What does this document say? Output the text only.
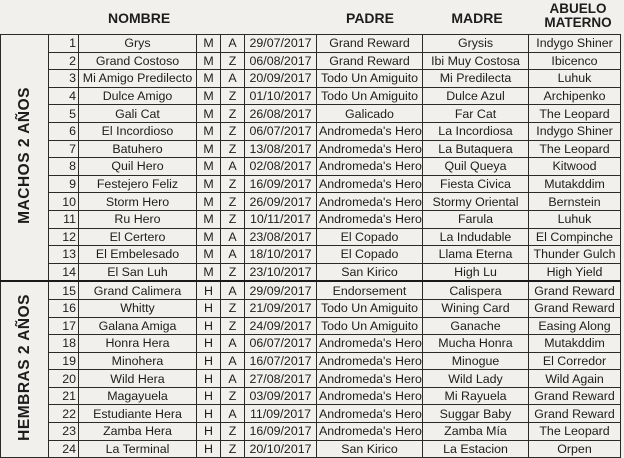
NOMBRE	PADRE	MADRE
ABUELO
MATERNO
MACHOS 2 AÑOS	1	Grys	M	A	29/07/2017	Grand Reward	Grysis	Indygo Shiner
	2	Grand Costoso	M	Z	06/08/2017	Grand Reward	Ibi Muy Costosa	Ibicenco
	3	Mi Amigo Predilecto	M	A	20/09/2017	Todo Un Amiguito	Mi Predilecta	Luhuk
	4	Dulce Amigo	M	Z	01/10/2017	Todo Un Amiguito	Dulce Azul	Archipenko
	5	Gali Cat	M	Z	26/08/2017	Galicado	Far Cat	The Leopard
	6	El Incordioso	M	Z	06/07/2017	Andromeda's Hero	La Incordiosa	Indygo Shiner
	7	Batuhero	M	Z	13/08/2017	Andromeda's Hero	La Butaquera	The Leopard
	8	Quil Hero	M	A	02/08/2017	Andromeda's Hero	Quil Queya	Kitwood
	9	Festejero Feliz	M	Z	16/09/2017	Andromeda's Hero	Fiesta Civica	Mutakddim
	10	Storm Hero	M	Z	26/09/2017	Andromeda's Hero	Stormy Oriental	Bernstein
	11	Ru Hero	M	Z	10/11/2017	Andromeda's Hero	Farula	Luhuk
	12	El Certero	M	A	23/08/2017	El Copado	La Indudable	El Compinche
	13	El Embelesado	M	A	18/10/2017	El Copado	Llama Eterna	Thunder Gulch
	14	El San Luh	M	Z	23/10/2017	San Kirico	High Lu	High Yield
HEMBRAS 2 AÑOS	15	Grand Calimera	H	A	29/09/2017	Endorsement	Calispera	Grand Reward
	16	Whitty	H	Z	21/09/2017	Todo Un Amiguito	Wining Card	Grand Reward
	17	Galana Amiga	H	Z	24/09/2017	Todo Un Amiguito	Ganache	Easing Along
	18	Honra Hera	H	A	06/07/2017	Andromeda's Hero	Mucha Honra	Mutakddim
	19	Minohera	H	A	16/07/2017	Andromeda's Hero	Minogue	El Corredor
	20	Wild Hera	H	A	27/08/2017	Andromeda's Hero	Wild Lady	Wild Again
	21	Magayuela	H	Z	03/09/2017	Andromeda's Hero	Mi Rayuela	Grand Reward
	22	Estudiante Hera	H	A	11/09/2017	Andromeda's Hero	Suggar Baby	Grand Reward
	23	Zamba Hera	H	Z	16/09/2017	Andromeda's Hero	Zamba Mía	The Leopard
	24	La Terminal	H	Z	20/10/2017	San Kirico	La Estacion	Orpen
